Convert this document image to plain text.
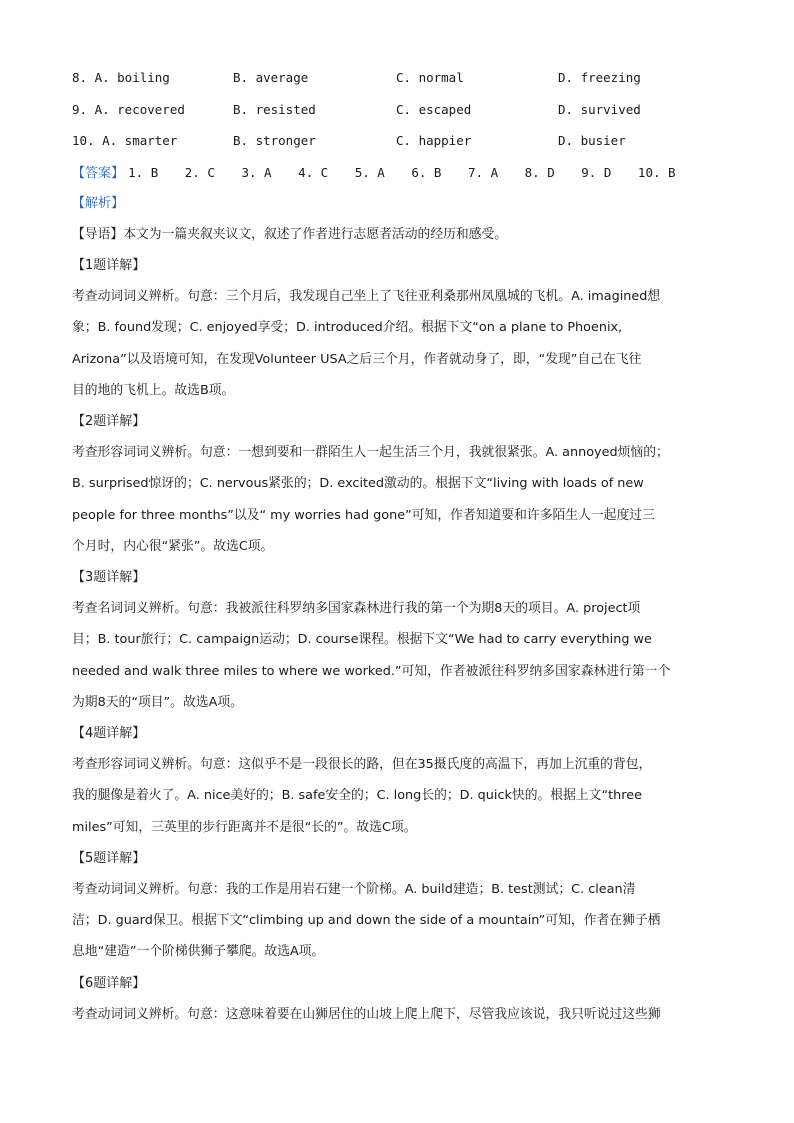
8. A. boiling	B. average	C. normal	D. freezing
9. A. recovered	B. resisted	C. escaped	D. survived
10. A. smarter	B. stronger	C. happier	D. busier
【答案】 1. B 2. C 3. A 4. C 5. A 6. B 7. A 8. D 9. D 10. B
【解析】
【导语】本文为一篇夹叙夹议文，叙述了作者进行志愿者活动的经历和感受。
【1题详解】
考查动词词义辨析。句意：三个月后，我发现自己坐上了飞往亚利桑那州凤凰城的飞机。A. imagined想
象；B. found发现；C. enjoyed享受；D. introduced介绍。根据下文“on a plane to Phoenix,
Arizona”以及语境可知，在发现Volunteer USA之后三个月，作者就动身了，即，“发现”自己在飞往
目的地的飞机上。故选B项。
【2题详解】
考查形容词词义辨析。句意：一想到要和一群陌生人一起生活三个月，我就很紧张。A. annoyed烦恼的；
B. surprised惊讶的；C. nervous紧张的；D. excited激动的。根据下文“living with loads of new
people for three months”以及“ my worries had gone”可知，作者知道要和许多陌生人一起度过三
个月时，内心很“紧张”。故选C项。
【3题详解】
考查名词词义辨析。句意：我被派往科罗纳多国家森林进行我的第一个为期8天的项目。A. project项
目；B. tour旅行；C. campaign运动；D. course课程。根据下文“We had to carry everything we
needed and walk three miles to where we worked.”可知，作者被派往科罗纳多国家森林进行第一个
为期8天的“项目”。故选A项。
【4题详解】
考查形容词词义辨析。句意：这似乎不是一段很长的路，但在35摄氏度的高温下，再加上沉重的背包，
我的腿像是着火了。A. nice美好的；B. safe安全的；C. long长的；D. quick快的。根据上文“three
miles”可知，三英里的步行距离并不是很“长的”。故选C项。
【5题详解】
考查动词词义辨析。句意：我的工作是用岩石建一个阶梯。A. build建造；B. test测试；C. clean清
洁；D. guard保卫。根据下文“climbing up and down the side of a mountain”可知，作者在狮子栖
息地“建造”一个阶梯供狮子攀爬。故选A项。
【6题详解】
考查动词词义辨析。句意：这意味着要在山狮居住的山坡上爬上爬下，尽管我应该说，我只听说过这些狮
